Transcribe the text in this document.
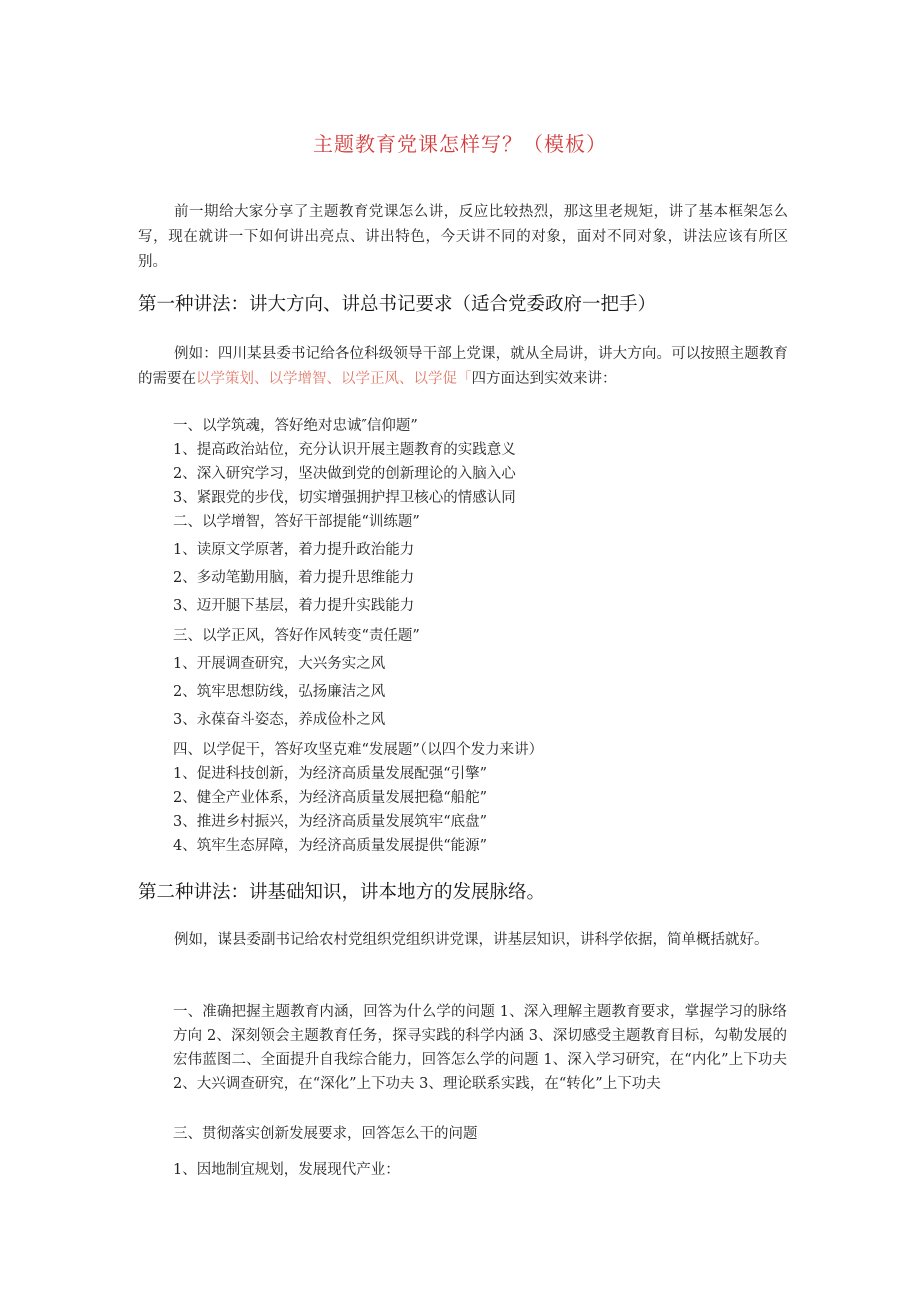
主题教育党课怎样写？（模板）

前一期给大家分享了主题教育党课怎么讲，反应比较热烈，那这里老规矩，讲了基本框架怎么写，现在就讲一下如何讲出亮点、讲出特色，今天讲不同的对象，面对不同对象，讲法应该有所区别。

第一种讲法：讲大方向、讲总书记要求（适合党委政府一把手）

例如：四川某县委书记给各位科级领导干部上党课，就从全局讲，讲大方向。可以按照主题教育的需要在以学策划、以学增智、以学正风、以学促「四方面达到实效来讲：

一、以学筑魂，答好绝对忠诚″信仰题”
1、提高政治站位，充分认识开展主题教育的实践意义
2、深入研究学习，坚决做到党的创新理论的入脑入心
3、紧跟党的步伐，切实增强拥护捍卫核心的情感认同
二、以学增智，答好干部提能“训练题”
1、读原文学原著，着力提升政治能力
2、多动笔勤用脑，着力提升思维能力
3、迈开腿下基层，着力提升实践能力
三、以学正风，答好作风转变“责任题”
1、开展调查研究，大兴务实之风
2、筑牢思想防线，弘扬廉洁之风
3、永葆奋斗姿态，养成俭朴之风
四、以学促干，答好攻坚克难“发展题”（以四个发力来讲）
1、促进科技创新，为经济高质量发展配强“引擎”
2、健全产业体系，为经济高质量发展把稳“船舵”
3、推进乡村振兴，为经济高质量发展筑牢“底盘”
4、筑牢生态屏障，为经济高质量发展提供“能源”
第二种讲法：讲基础知识，讲本地方的发展脉络。

例如，谋县委副书记给农村党组织党组织讲党课，讲基层知识，讲科学依据，简单概括就好。

一、准确把握主题教育内涵，回答为什么学的问题 1、深入理解主题教育要求，掌握学习的脉络方向 2、深刻领会主题教育任务，探寻实践的科学内涵 3、深切感受主题教育目标，勾勒发展的宏伟蓝图二、全面提升自我综合能力，回答怎么学的问题 1、深入学习研究，在“内化”上下功夫 2、大兴调查研究，在“深化”上下功夫 3、理论联系实践，在“转化”上下功夫

三、贯彻落实创新发展要求，回答怎么干的问题
1、因地制宜规划，发展现代产业：
